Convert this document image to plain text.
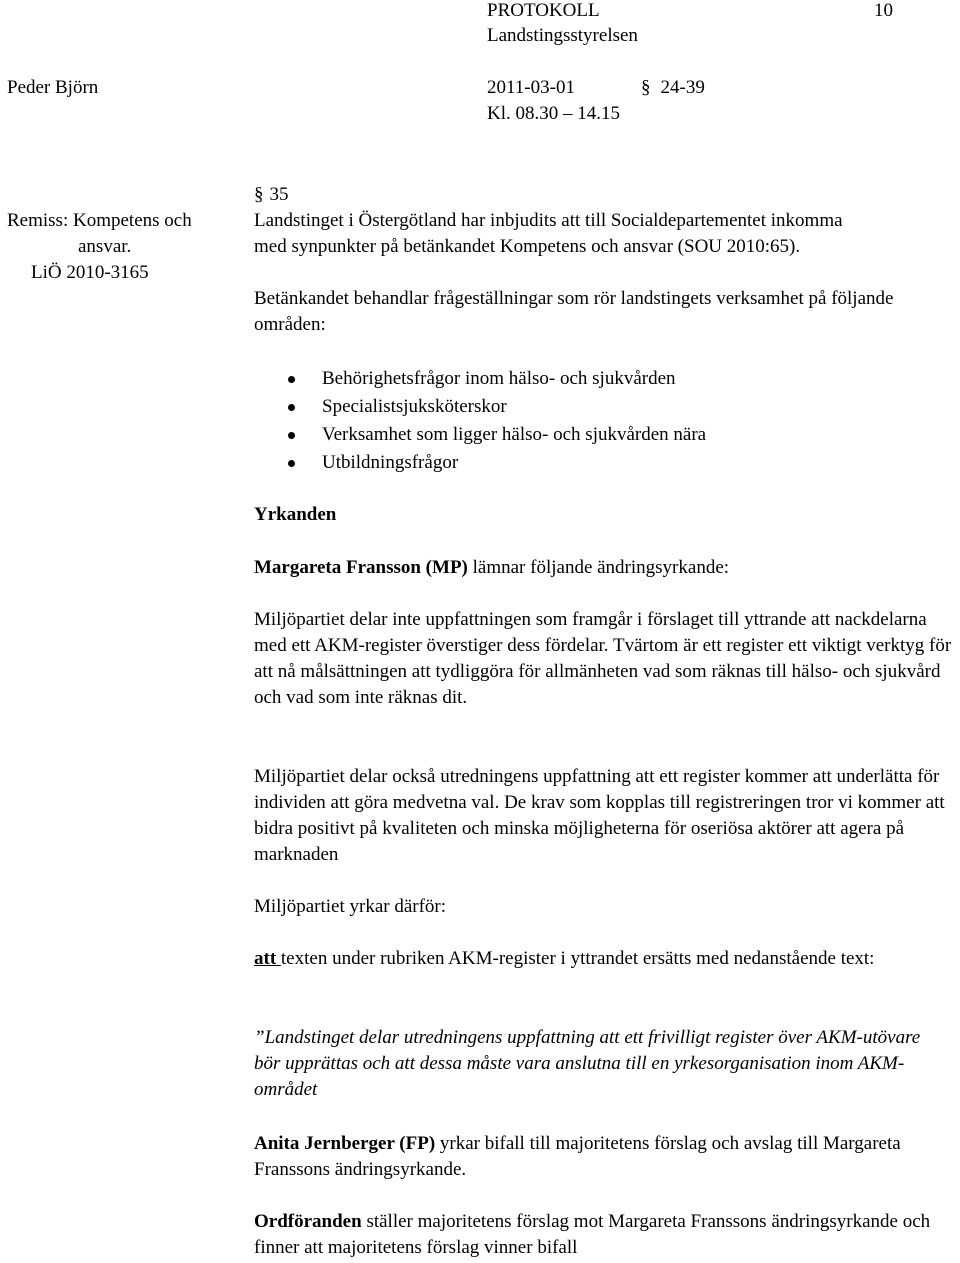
PROTOKOLL	10
Landstingsstyrelsen
Peder Björn	2011-03-01	§ 24-39
Kl. 08.30 – 14.15
Remiss: Kompetens och
ansvar.
LiÖ 2010-3165
§ 35
Landstinget i Östergötland har inbjudits att till Socialdepartementet inkomma
med synpunkter på betänkandet Kompetens och ansvar (SOU 2010:65).

Betänkandet behandlar frågeställningar som rör landstingets verksamhet på följande områden:

Behörighetsfrågor inom hälso- och sjukvården
Specialistsjuksköterskor
Verksamhet som ligger hälso- och sjukvården nära
Utbildningsfrågor
Yrkanden
Margareta Fransson (MP) lämnar följande ändringsyrkande:

Miljöpartiet delar inte uppfattningen som framgår i förslaget till yttrande att nackdelarna med ett AKM-register överstiger dess fördelar. Tvärtom är ett register ett viktigt verktyg för att nå målsättningen att tydliggöra för allmänheten vad som räknas till hälso- och sjukvård och vad som inte räknas dit.

Miljöpartiet delar också utredningens uppfattning att ett register kommer att underlätta för individen att göra medvetna val. De krav som kopplas till registreringen tror vi kommer att bidra positivt på kvaliteten och minska möjligheterna för oseriösa aktörer att agera på marknaden

Miljöpartiet yrkar därför:

att texten under rubriken AKM-register i yttrandet ersätts med nedanstående text:

”Landstinget delar utredningens uppfattning att ett frivilligt register över AKM-utövare bör upprättas och att dessa måste vara anslutna till en yrkesorganisation inom AKM-området

Anita Jernberger (FP) yrkar bifall till majoritetens förslag och avslag till Margareta Franssons ändringsyrkande.

Ordföranden ställer majoritetens förslag mot Margareta Franssons ändringsyrkande och finner att majoritetens förslag vinner bifall
